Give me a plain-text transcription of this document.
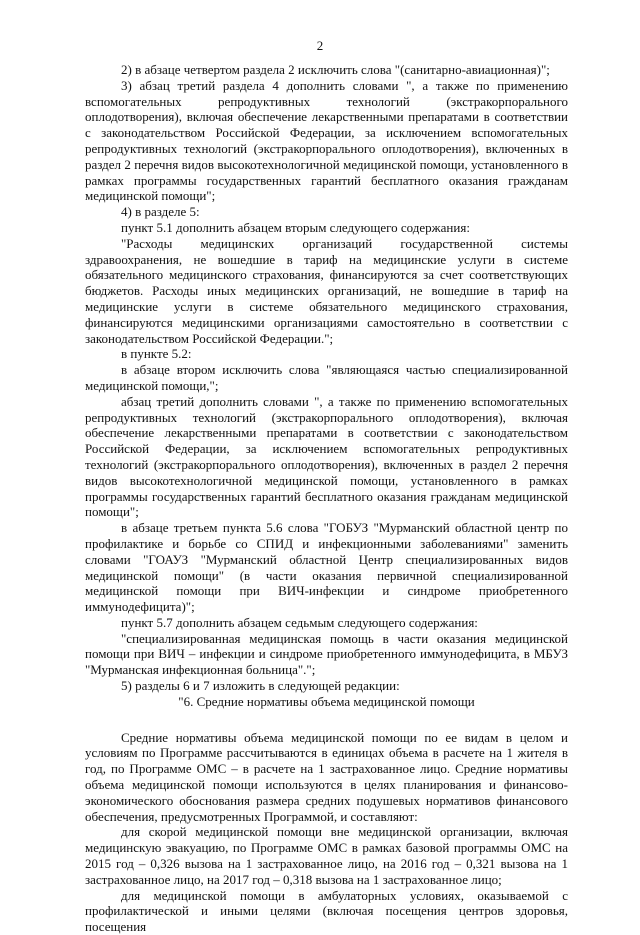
2

2) в абзаце четвертом раздела 2 исключить слова "(санитарно-авиационная)";

3) абзац третий раздела 4 дополнить словами ", а также по применению вспомогательных репродуктивных технологий (экстракорпорального оплодотворения), включая обеспечение лекарственными препаратами в соответствии с законодательством Российской Федерации, за исключением вспомогательных репродуктивных технологий (экстракорпорального оплодотворения), включенных в раздел 2 перечня видов высокотехнологичной медицинской помощи, установленного в рамках программы государственных гарантий бесплатного оказания гражданам медицинской помощи";

4) в разделе 5:

пункт 5.1 дополнить абзацем вторым следующего содержания:

"Расходы медицинских организаций государственной системы здравоохранения, не вошедшие в тариф на медицинские услуги в системе обязательного медицинского страхования, финансируются за счет соответствующих бюджетов. Расходы иных медицинских организаций, не вошедшие в тариф на медицинские услуги в системе обязательного медицинского страхования, финансируются медицинскими организациями самостоятельно в соответствии с законодательством Российской Федерации.";

в пункте 5.2:

в абзаце втором исключить слова "являющаяся частью специализированной медицинской помощи,";

абзац третий дополнить словами ", а также по применению вспомогательных репродуктивных технологий (экстракорпорального оплодотворения), включая обеспечение лекарственными препаратами в соответствии с законодательством Российской Федерации, за исключением вспомогательных репродуктивных технологий (экстракорпорального оплодотворения), включенных в раздел 2 перечня видов высокотехнологичной медицинской помощи, установленного в рамках программы государственных гарантий бесплатного оказания гражданам медицинской помощи";

в абзаце третьем пункта 5.6 слова "ГОБУЗ "Мурманский областной центр по профилактике и борьбе со СПИД и инфекционными заболеваниями" заменить словами "ГОАУЗ "Мурманский областной Центр специализированных видов медицинской помощи" (в части оказания первичной специализированной медицинской помощи при ВИЧ-инфекции и синдроме приобретенного иммунодефицита)";

пункт 5.7 дополнить абзацем седьмым следующего содержания:

"специализированная медицинская помощь в части оказания медицинской помощи при ВИЧ – инфекции и синдроме приобретенного иммунодефицита, в МБУЗ "Мурманская инфекционная больница".";

5) разделы 6 и 7 изложить в следующей редакции:

"6. Средние нормативы объема медицинской помощи

Средние нормативы объема медицинской помощи по ее видам в целом и условиям по Программе рассчитываются в единицах объема в расчете на 1 жителя в год, по Программе ОМС – в расчете на 1 застрахованное лицо. Средние нормативы объема медицинской помощи используются в целях планирования и финансово-экономического обоснования размера средних подушевых нормативов финансового обеспечения, предусмотренных Программой, и составляют:

для скорой медицинской помощи вне медицинской организации, включая медицинскую эвакуацию, по Программе ОМС в рамках базовой программы ОМС на 2015 год – 0,326 вызова на 1 застрахованное лицо, на 2016 год – 0,321 вызова на 1 застрахованное лицо, на 2017 год – 0,318 вызова на 1 застрахованное лицо;

для медицинской помощи в амбулаторных условиях, оказываемой с профилактической и иными целями (включая посещения центров здоровья, посещения
